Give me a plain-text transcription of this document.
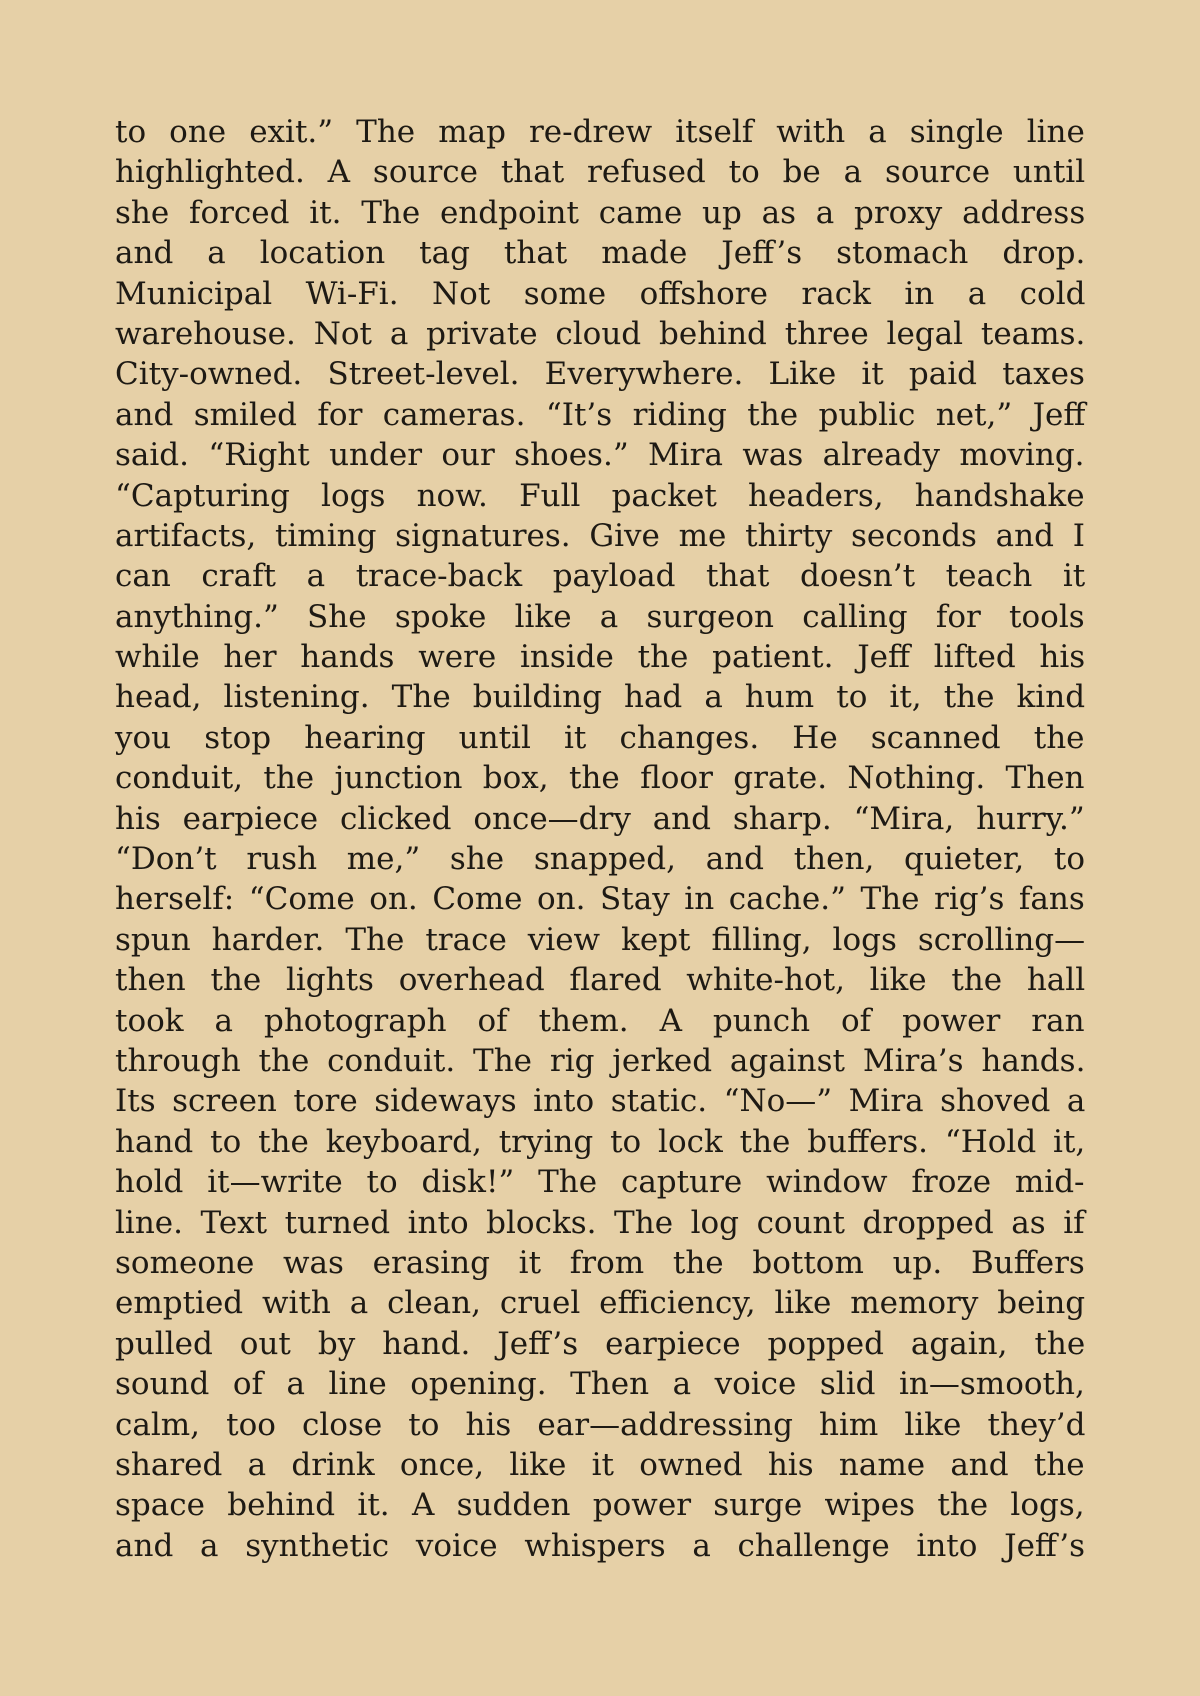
to one exit.” The map re-drew itself with a single line
highlighted. A source that refused to be a source until
she forced it. The endpoint came up as a proxy address
and a location tag that made Jeff’s stomach drop.
Municipal Wi-Fi. Not some offshore rack in a cold
warehouse. Not a private cloud behind three legal teams.
City-owned. Street-level. Everywhere. Like it paid taxes
and smiled for cameras. “It’s riding the public net,” Jeff
said. “Right under our shoes.” Mira was already moving.
“Capturing logs now. Full packet headers, handshake
artifacts, timing signatures. Give me thirty seconds and I
can craft a trace-back payload that doesn’t teach it
anything.” She spoke like a surgeon calling for tools
while her hands were inside the patient. Jeff lifted his
head, listening. The building had a hum to it, the kind
you stop hearing until it changes. He scanned the
conduit, the junction box, the floor grate. Nothing. Then
his earpiece clicked once—dry and sharp. “Mira, hurry.”
“Don’t rush me,” she snapped, and then, quieter, to
herself: “Come on. Come on. Stay in cache.” The rig’s fans
spun harder. The trace view kept filling, logs scrolling—
then the lights overhead flared white-hot, like the hall
took a photograph of them. A punch of power ran
through the conduit. The rig jerked against Mira’s hands.
Its screen tore sideways into static. “No—” Mira shoved a
hand to the keyboard, trying to lock the buffers. “Hold it,
hold it—write to disk!” The capture window froze mid-
line. Text turned into blocks. The log count dropped as if
someone was erasing it from the bottom up. Buffers
emptied with a clean, cruel efficiency, like memory being
pulled out by hand. Jeff’s earpiece popped again, the
sound of a line opening. Then a voice slid in—smooth,
calm, too close to his ear—addressing him like they’d
shared a drink once, like it owned his name and the
space behind it. A sudden power surge wipes the logs,
and a synthetic voice whispers a challenge into Jeff’s
